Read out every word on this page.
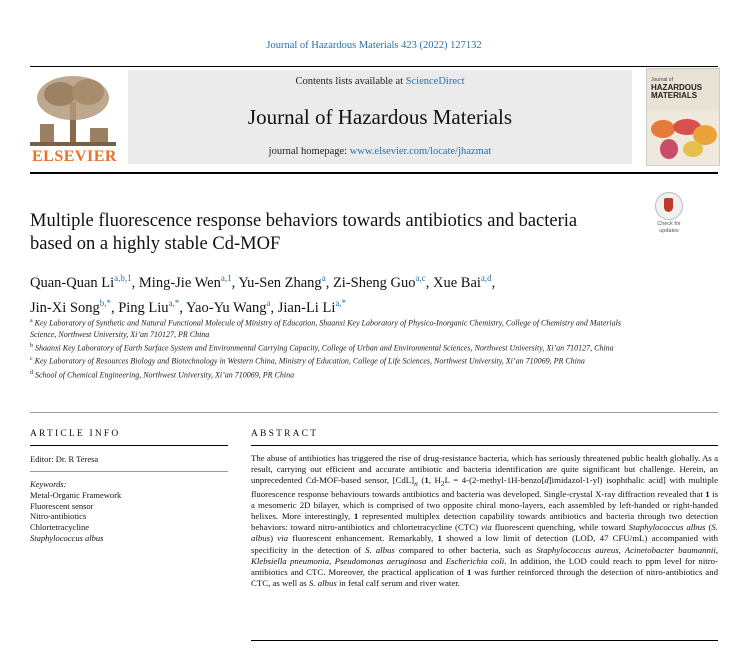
Journal of Hazardous Materials 423 (2022) 127132
ELSEVIER
Contents lists available at ScienceDirect
Journal of Hazardous Materials
journal homepage: www.elsevier.com/locate/jhazmat
Journal of
HAZARDOUS
MATERIALS
Multiple fluorescence response behaviors towards antibiotics and bacteria
based on a highly stable Cd-MOF
Check for
updates
Quan-Quan Li$^{a,b,1}$, Ming-Jie Wen$^{a,1}$, Yu-Sen Zhang$^a$, Zi-Sheng Guo$^{a,c}$, Xue Bai$^{a,d}$,
Jin-Xi Song$^{b,*}$, Ping Liu$^{a,*}$, Yao-Yu Wang$^a$, Jian-Li $Li^{a,*}$

$^a$ Key Laboratory of Synthetic and Natural Functional Molecule of Ministry of Education, Shaanxi Key Laboratory of Physico-Inorganic Chemistry, College of Chemistry and Materials Science, Northwest University, Xi’an 710127, PR China

$^b$ Shaanxi Key Laboratory of Earth Surface System and Environmental Carrying Capacity, College of Urban and Environmental Sciences, Northwest University, Xi’an 710127, China

$^c$ Key Laboratory of Resources Biology and Biotechnology in Western China, Ministry of Education, College of Life Sciences, Northwest University, Xi’an 710069, PR China

$^d$ School of Chemical Engineering, Northwest University, Xi’an 710069, PR China

ARTICLE INFO	ABSTRACT
Editor: Dr. R Teresa
Keywords:
Metal-Organic Framework
Fluorescent sensor
Nitro-antibiotics
Chlortetracycline
Staphylococcus albus
The abuse of antibiotics has triggered the rise of drug-resistance bacteria, which has seriously threatened public health globally. As a result, carrying out efficient and accurate antibiotic and bacteria identification are quite significant but challenge. Herein, an unprecedented Cd-MOF-based sensor, $[CdL]_n$ (1, $H_2L$ = 4-(2-methyl-1H-benzo[d]imidazol-1-yl) isophthalic acid] with multiple fluorescence response behaviours towards antibiotics and bacteria was developed. Single-crystal X-ray diffraction revealed that 1 is a mesomeric 2D bilayer, which is comprised of two opposite chiral mono-layers, each assembled by left-handed or right-handed helixes. More interestingly, 1 represented multiplex detection capability towards antibiotics and bacteria through two detection behaviors: toward nitro-antibiotics and chlortetracycline (CTC) via fluorescent quenching, while toward Staphylococcus albus (S. albus) via fluorescent enhancement. Remarkably, 1 showed a low limit of detection (LOD, 47 CFU/mL) accompanied with specificity in the detection of S. albus compared to other bacteria, such as Staphylococcus aureus, Acinetobacter baumannii, Klebsiella pneumonia, Pseudomonas aeruginosa and Escherichia coli. In addition, the LOD could reach to ppm level for nitro-antibiotics and CTC. Moreover, the practical application of 1 was further reinforced through the detection of nitro-antibiotics and CTC, as well as S. albus in fetal calf serum and river water.
